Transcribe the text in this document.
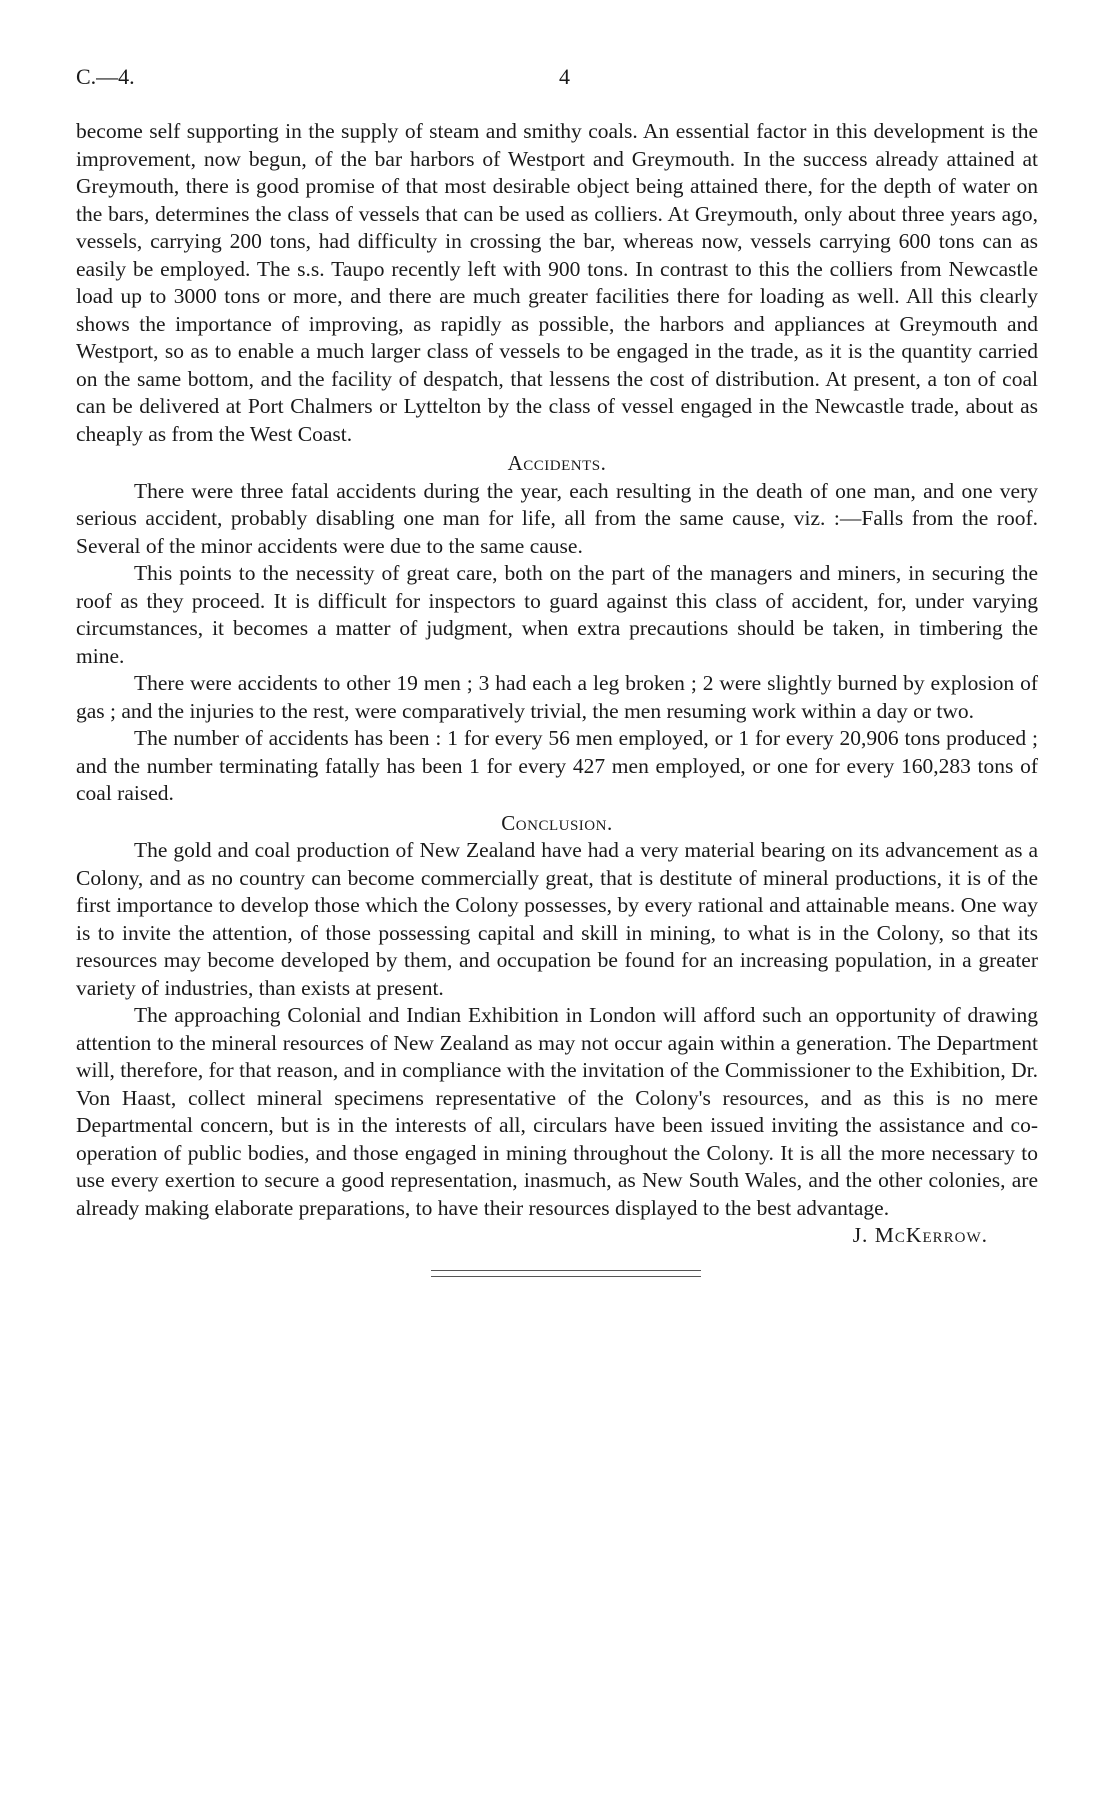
C.—4.	4

become self supporting in the supply of steam and smithy coals. An essential factor in this development is the improvement, now begun, of the bar harbors of Westport and Greymouth. In the success already attained at Greymouth, there is good promise of that most desirable object being attained there, for the depth of water on the bars, determines the class of vessels that can be used as colliers. At Greymouth, only about three years ago, vessels, carrying 200 tons, had difficulty in crossing the bar, whereas now, vessels carrying 600 tons can as easily be employed. The s.s. Taupo recently left with 900 tons. In contrast to this the colliers from Newcastle load up to 3000 tons or more, and there are much greater facilities there for loading as well. All this clearly shows the importance of improving, as rapidly as possible, the harbors and appliances at Greymouth and Westport, so as to enable a much larger class of vessels to be engaged in the trade, as it is the quantity carried on the same bottom, and the facility of despatch, that lessens the cost of distribution. At present, a ton of coal can be delivered at Port Chalmers or Lyttelton by the class of vessel engaged in the Newcastle trade, about as cheaply as from the West Coast.

Accidents.

There were three fatal accidents during the year, each resulting in the death of one man, and one very serious accident, probably disabling one man for life, all from the same cause, viz. :—Falls from the roof. Several of the minor accidents were due to the same cause.

This points to the necessity of great care, both on the part of the managers and miners, in securing the roof as they proceed. It is difficult for inspectors to guard against this class of accident, for, under varying circumstances, it becomes a matter of judgment, when extra precautions should be taken, in timbering the mine.

There were accidents to other 19 men ; 3 had each a leg broken ; 2 were slightly burned by explosion of gas ; and the injuries to the rest, were comparatively trivial, the men resuming work within a day or two.

The number of accidents has been : 1 for every 56 men employed, or 1 for every 20,906 tons produced ; and the number terminating fatally has been 1 for every 427 men employed, or one for every 160,283 tons of coal raised.

Conclusion.

The gold and coal production of New Zealand have had a very material bearing on its advancement as a Colony, and as no country can become commercially great, that is destitute of mineral productions, it is of the first importance to develop those which the Colony possesses, by every rational and attainable means. One way is to invite the attention, of those possessing capital and skill in mining, to what is in the Colony, so that its resources may become developed by them, and occupation be found for an increasing population, in a greater variety of industries, than exists at present.

The approaching Colonial and Indian Exhibition in London will afford such an opportunity of drawing attention to the mineral resources of New Zealand as may not occur again within a generation. The Department will, therefore, for that reason, and in compliance with the invitation of the Commissioner to the Exhibition, Dr. Von Haast, collect mineral specimens representative of the Colony's resources, and as this is no mere Departmental concern, but is in the interests of all, circulars have been issued inviting the assistance and co-operation of public bodies, and those engaged in mining throughout the Colony. It is all the more necessary to use every exertion to secure a good representation, inasmuch, as New South Wales, and the other colonies, are already making elaborate preparations, to have their resources displayed to the best advantage.

J. McKerrow.
